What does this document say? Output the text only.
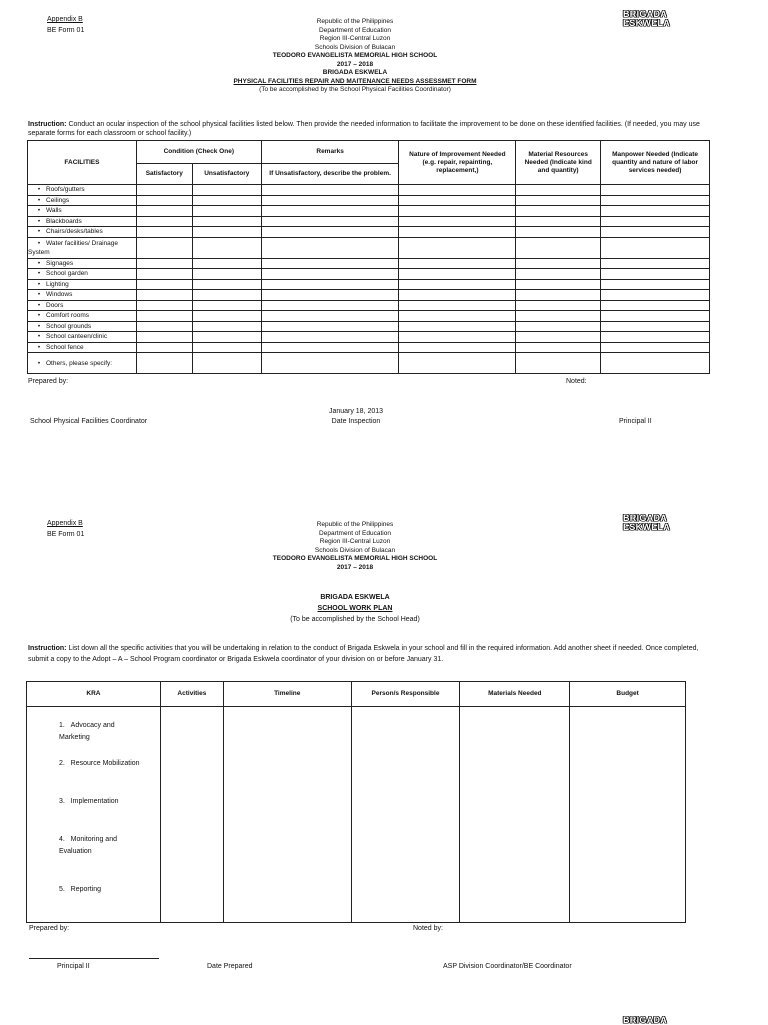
Appendix B
BE Form 01
BRIGADA
ESKWELA
Republic of the Philippines
Department of Education
Region III-Central Luzon
Schools Division of Bulacan
TEODORO EVANGELISTA MEMORIAL HIGH SCHOOL
2017 – 2018
BRIGADA ESKWELA
PHYSICAL FACILITIES REPAIR AND MAITENANCE NEEDS ASSESSMET FORM
(To be accomplished by the School Physical Facilities Coordinator)
Instruction: Conduct an ocular inspection of the school physical facilities listed below. Then provide the needed information to facilitate the improvement to be done on these identified facilities. (If needed, you may use separate forms for each classroom or school facility.)
FACILITIES	Condition (Check One)		Remarks	Nature of Improvement Needed (e.g. repair, repainting, replacement,)	Material Resources Needed (Indicate kind and quantity)	Manpower Needed (Indicate quantity and nature of labor services needed)
	Satisfactory	Unsatisfactory	If Unsatisfactory, describe the problem.			
• Roofs/gutters						
• Ceilings						
• Walls						
• Blackboards						
• Chairs/desks/tables						
• Water facilities/ Drainage System						
• Signages						
• School garden						
• Lighting						
• Windows						
• Doors						
• Comfort rooms						
• School grounds						
• School canteen/clinic						
• School fence						
• Others, please specify:						
Prepared by:	Noted:
January 18, 2013
Date Inspection
School Physical Facilities Coordinator	Principal II
Appendix B
BE Form 01
BRIGADA
ESKWELA
Republic of the Philippines
Department of Education
Region III-Central Luzon
Schools Division of Bulacan
TEODORO EVANGELISTA MEMORIAL HIGH SCHOOL
2017 – 2018
BRIGADA ESKWELA
SCHOOL WORK PLAN
(To be accomplished by the School Head)
Instruction: List down all the specific activities that you will be undertaking in relation to the conduct of Brigada Eskwela in your school and fill in the required information. Add another sheet if needed. Once completed, submit a copy to the Adopt – A – School Program coordinator or Brigada Eskwela coordinator of your division on or before January 31.
KRA	Activities	Timeline	Person/s Responsible	Materials Needed	Budget

1.   Advocacy and Marketing
2.   Resource Mobilization
3.   Implementation
4.   Monitoring and Evaluation
5.   Reporting					

Prepared by:	Noted by:
Principal II	Date Prepared	ASP Division Coordinator/BE Coordinator
BRIGADA
